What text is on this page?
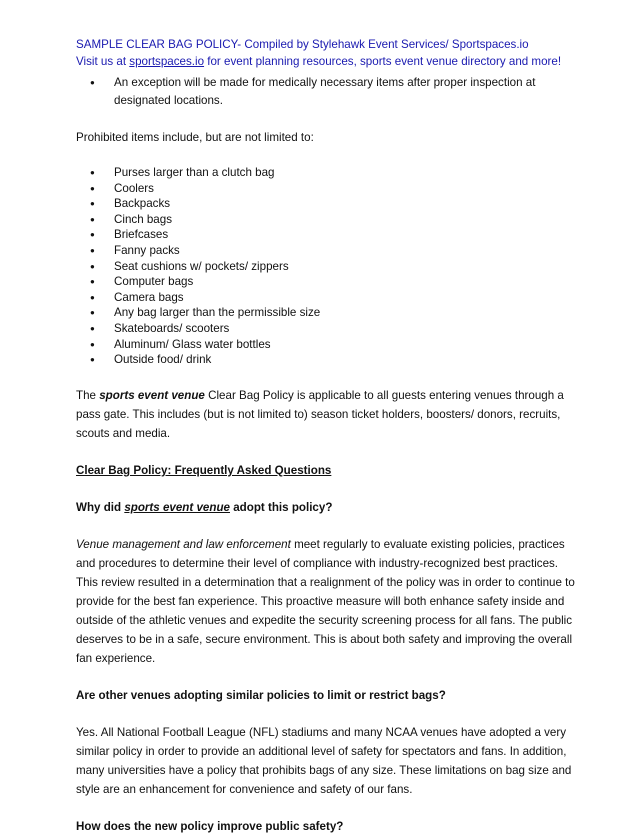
SAMPLE CLEAR BAG POLICY- Compiled by Stylehawk Event Services/ Sportspaces.io
Visit us at sportspaces.io for event planning resources, sports event venue directory and more!
● An exception will be made for medically necessary items after proper inspection at designated locations.

Prohibited items include, but are not limited to:

● Purses larger than a clutch bag
● Coolers
● Backpacks
● Cinch bags
● Briefcases
● Fanny packs
● Seat cushions w/ pockets/ zippers
● Computer bags
● Camera bags
● Any bag larger than the permissible size
● Skateboards/ scooters
● Aluminum/ Glass water bottles
● Outside food/ drink

The sports event venue Clear Bag Policy is applicable to all guests entering venues through a pass gate. This includes (but is not limited to) season ticket holders, boosters/ donors, recruits, scouts and media.

Clear Bag Policy: Frequently Asked Questions

Why did sports event venue adopt this policy?

Venue management and law enforcement meet regularly to evaluate existing policies, practices and procedures to determine their level of compliance with industry-recognized best practices. This review resulted in a determination that a realignment of the policy was in order to continue to provide for the best fan experience. This proactive measure will both enhance safety inside and outside of the athletic venues and expedite the security screening process for all fans. The public deserves to be in a safe, secure environment. This is about both safety and improving the overall fan experience.

Are other venues adopting similar policies to limit or restrict bags?

Yes. All National Football League (NFL) stadiums and many NCAA venues have adopted a very similar policy in order to provide an additional level of safety for spectators and fans. In addition, many universities have a policy that prohibits bags of any size. These limitations on bag size and style are an enhancement for convenience and safety of our fans.

How does the new policy improve public safety?
